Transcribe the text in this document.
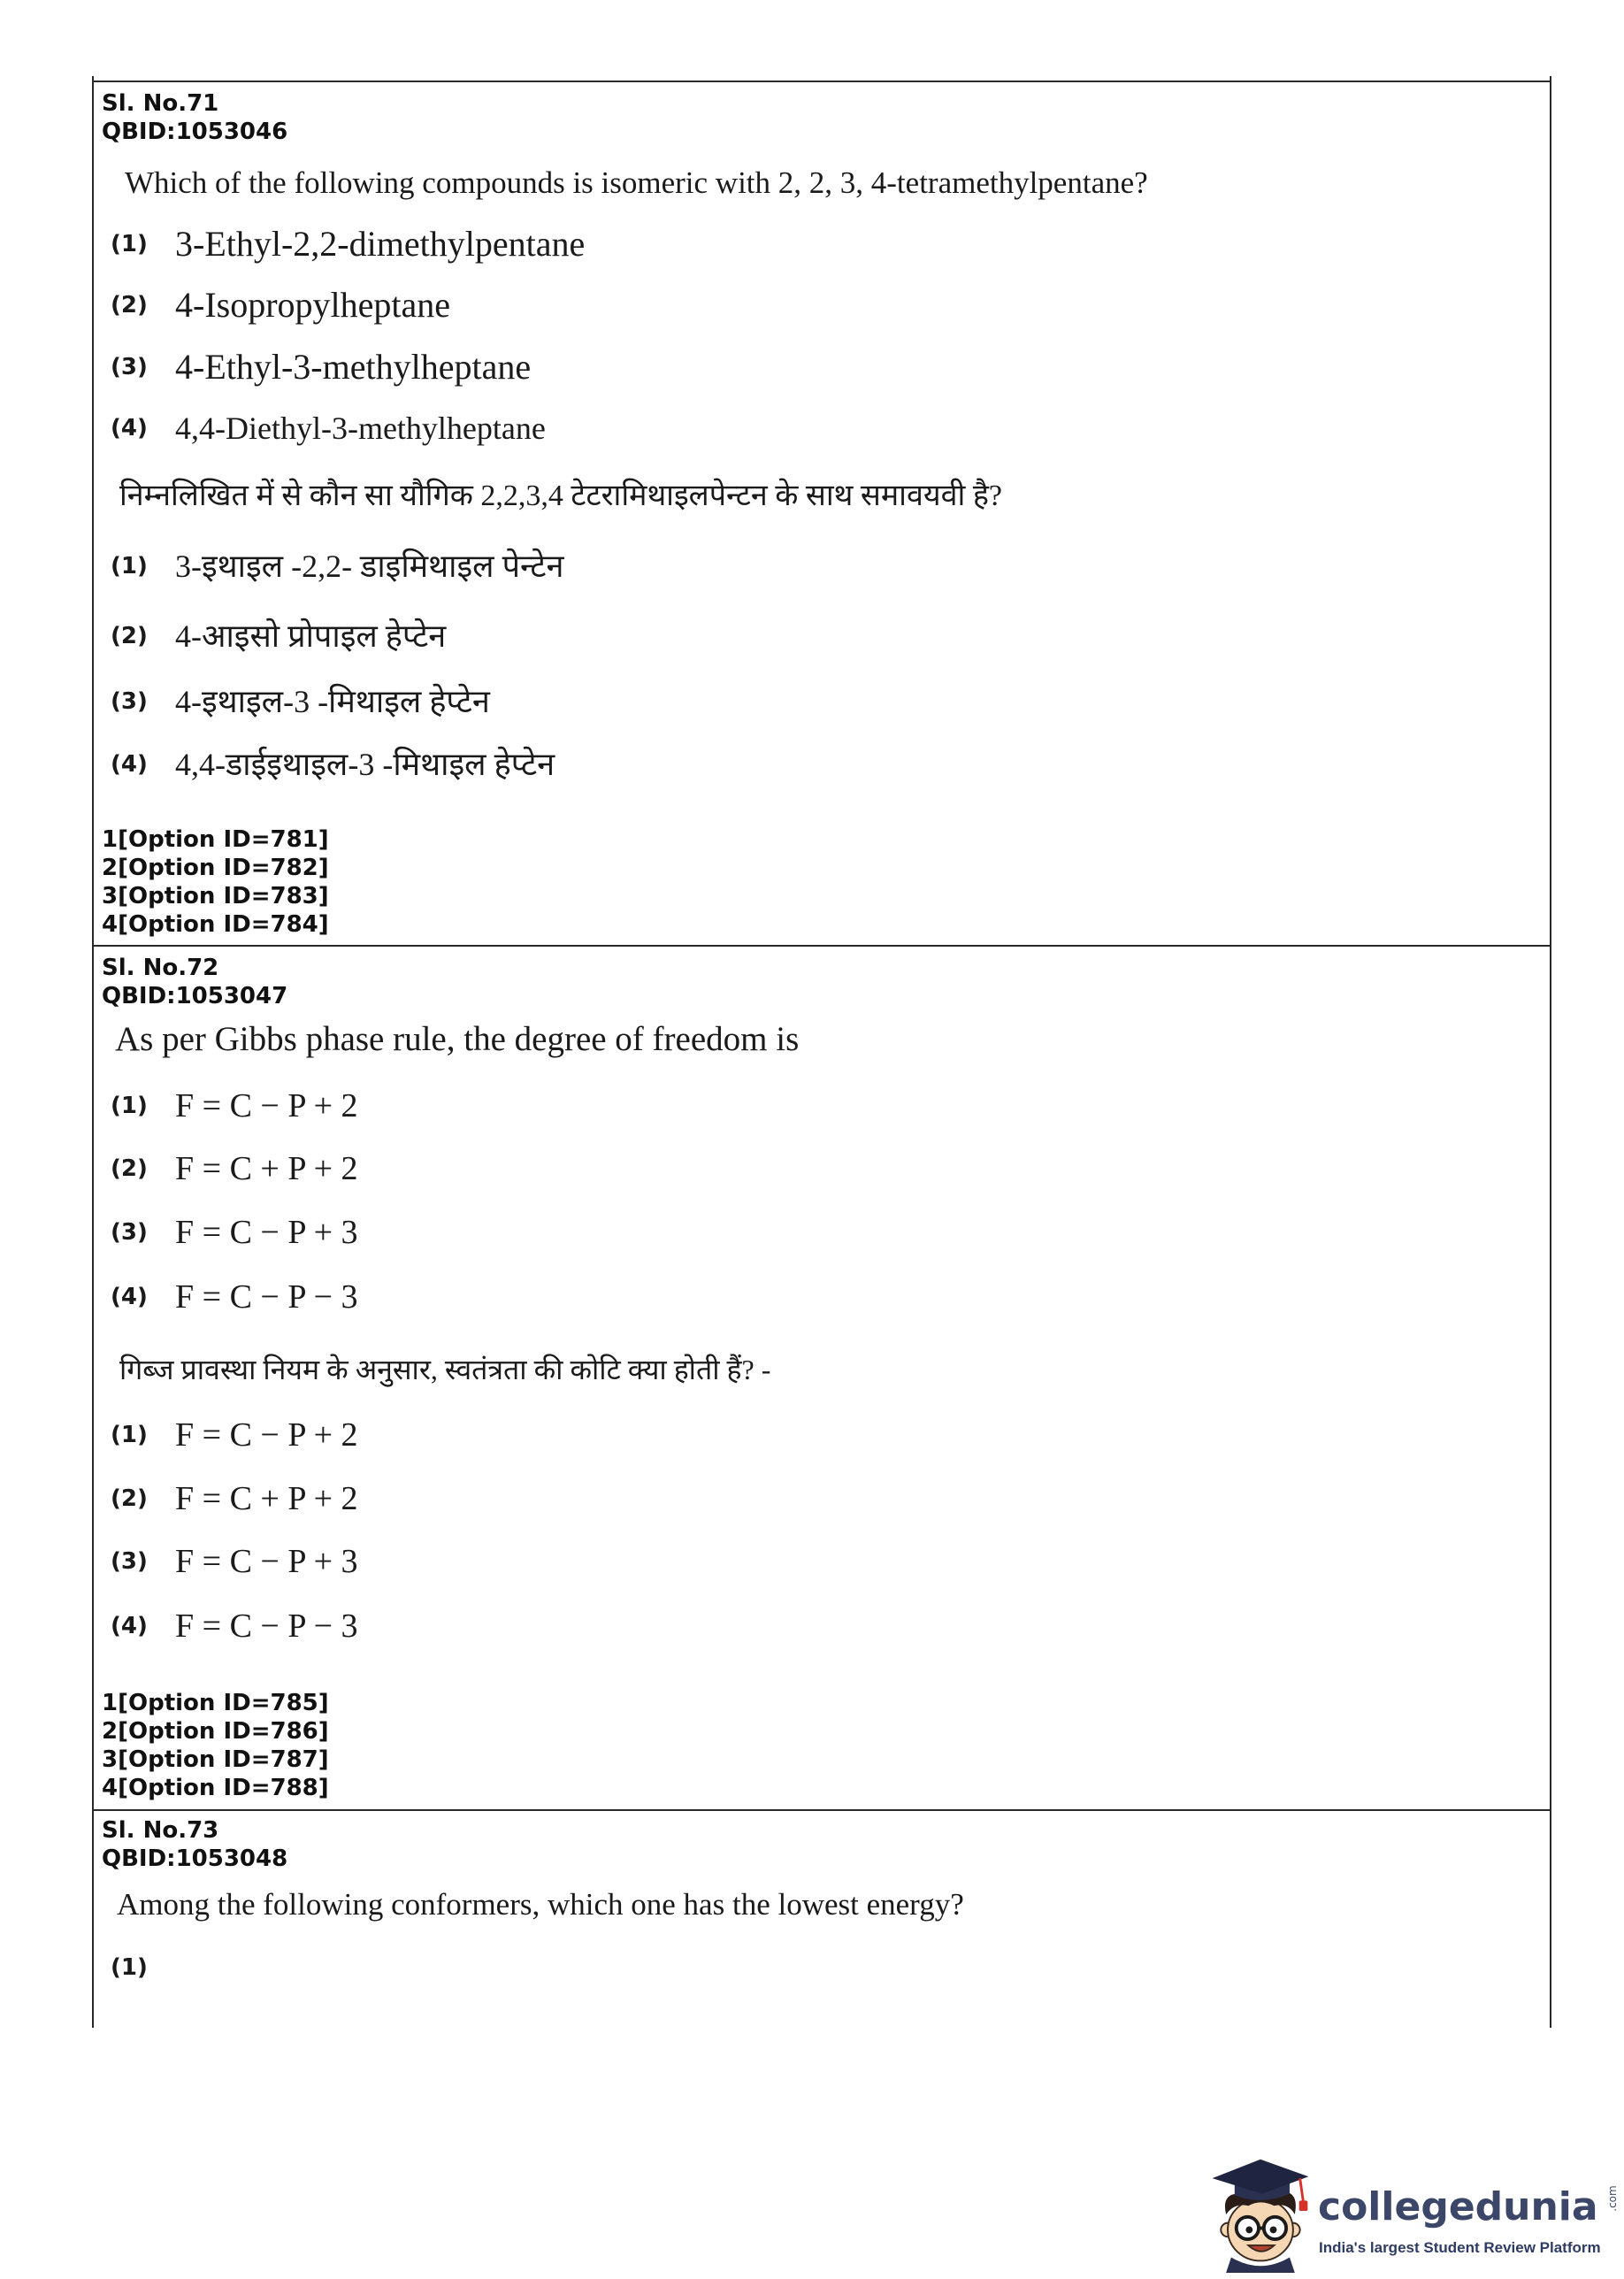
Sl. No.71
QBID:1053046
Which of the following compounds is isomeric with 2, 2, 3, 4-tetramethylpentane?
(1) 3-Ethyl-2,2-dimethylpentane
(2) 4-Isopropylheptane
(3) 4-Ethyl-3-methylheptane
(4) 4,4-Diethyl-3-methylheptane
निम्नलिखित में से कौन सा यौगिक 2,2,3,4 टेटरामिथाइलपेन्टन के साथ समावयवी है?
(1) 3-इथाइल -2,2- डाइमिथाइल पेन्टेन
(2) 4-आइसो प्रोपाइल हेप्टेन
(3) 4-इथाइल-3 -मिथाइल हेप्टेन
(4) 4,4-डाईइथाइल-3 -मिथाइल हेप्टेन
1[Option ID=781]
2[Option ID=782]
3[Option ID=783]
4[Option ID=784]
Sl. No.72
QBID:1053047
As per Gibbs phase rule, the degree of freedom is
(1) F = C − P + 2
(2) F = C + P + 2
(3) F = C − P + 3
(4) F = C − P − 3
गिब्ज प्रावस्था नियम के अनुसार, स्वतंत्रता की कोटि क्या होती हैं? -
(1) F = C − P + 2
(2) F = C + P + 2
(3) F = C − P + 3
(4) F = C − P − 3
1[Option ID=785]
2[Option ID=786]
3[Option ID=787]
4[Option ID=788]
Sl. No.73
QBID:1053048
Among the following conformers, which one has the lowest energy?
(1)
collegedunia .com
India's largest Student Review Platform
